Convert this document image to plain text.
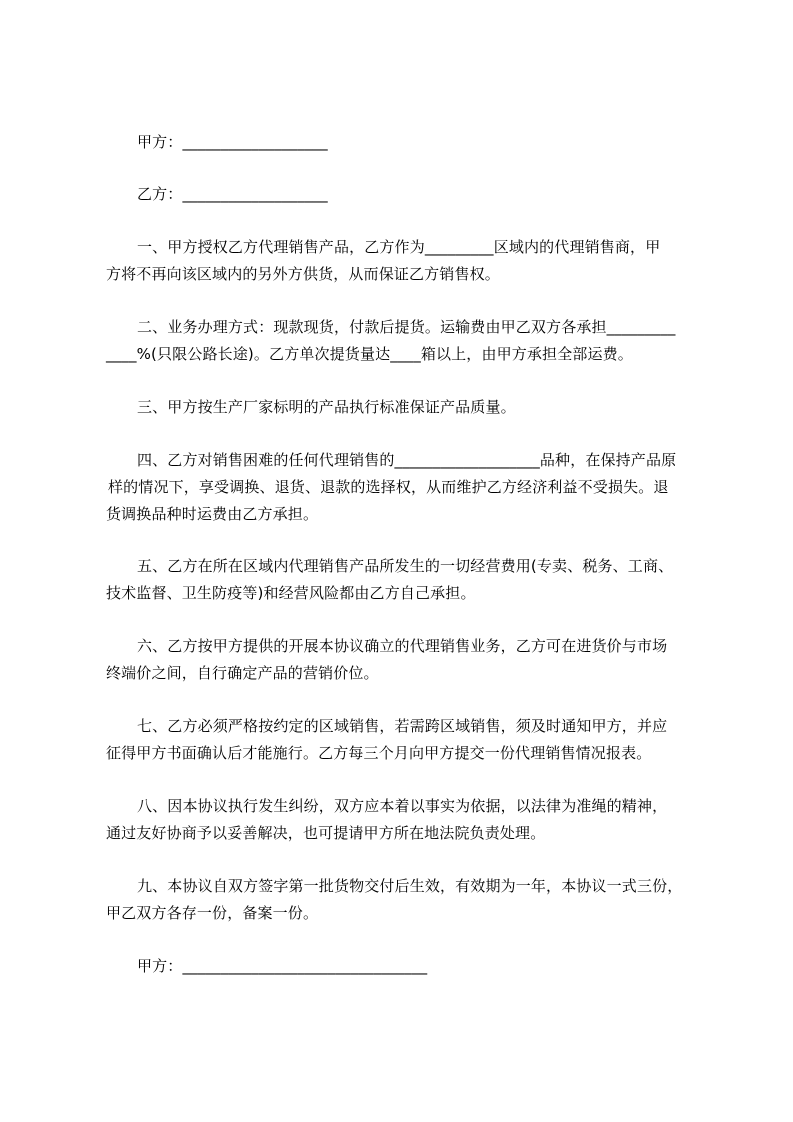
甲方：___________________
乙方：___________________
一、甲方授权乙方代理销售产品，乙方作为_________区域内的代理销售商，甲
方将不再向该区域内的另外方供货，从而保证乙方销售权。
二、业务办理方式：现款现货，付款后提货。运输费由甲乙双方各承担_________
____%(只限公路长途)。乙方单次提货量达____箱以上，由甲方承担全部运费。
三、甲方按生产厂家标明的产品执行标准保证产品质量。
四、乙方对销售困难的任何代理销售的___________________品种，在保持产品原
样的情况下，享受调换、退货、退款的选择权，从而维护乙方经济利益不受损失。退
货调换品种时运费由乙方承担。
五、乙方在所在区域内代理销售产品所发生的一切经营费用(专卖、税务、工商、
技术监督、卫生防疫等)和经营风险都由乙方自己承担。
六、乙方按甲方提供的开展本协议确立的代理销售业务，乙方可在进货价与市场
终端价之间，自行确定产品的营销价位。
七、乙方必须严格按约定的区域销售，若需跨区域销售，须及时通知甲方，并应
征得甲方书面确认后才能施行。乙方每三个月向甲方提交一份代理销售情况报表。
八、因本协议执行发生纠纷，双方应本着以事实为依据，以法律为准绳的精神，
通过友好协商予以妥善解决，也可提请甲方所在地法院负责处理。
九、本协议自双方签字第一批货物交付后生效，有效期为一年，本协议一式三份，
甲乙双方各存一份，备案一份。
甲方：________________________________
